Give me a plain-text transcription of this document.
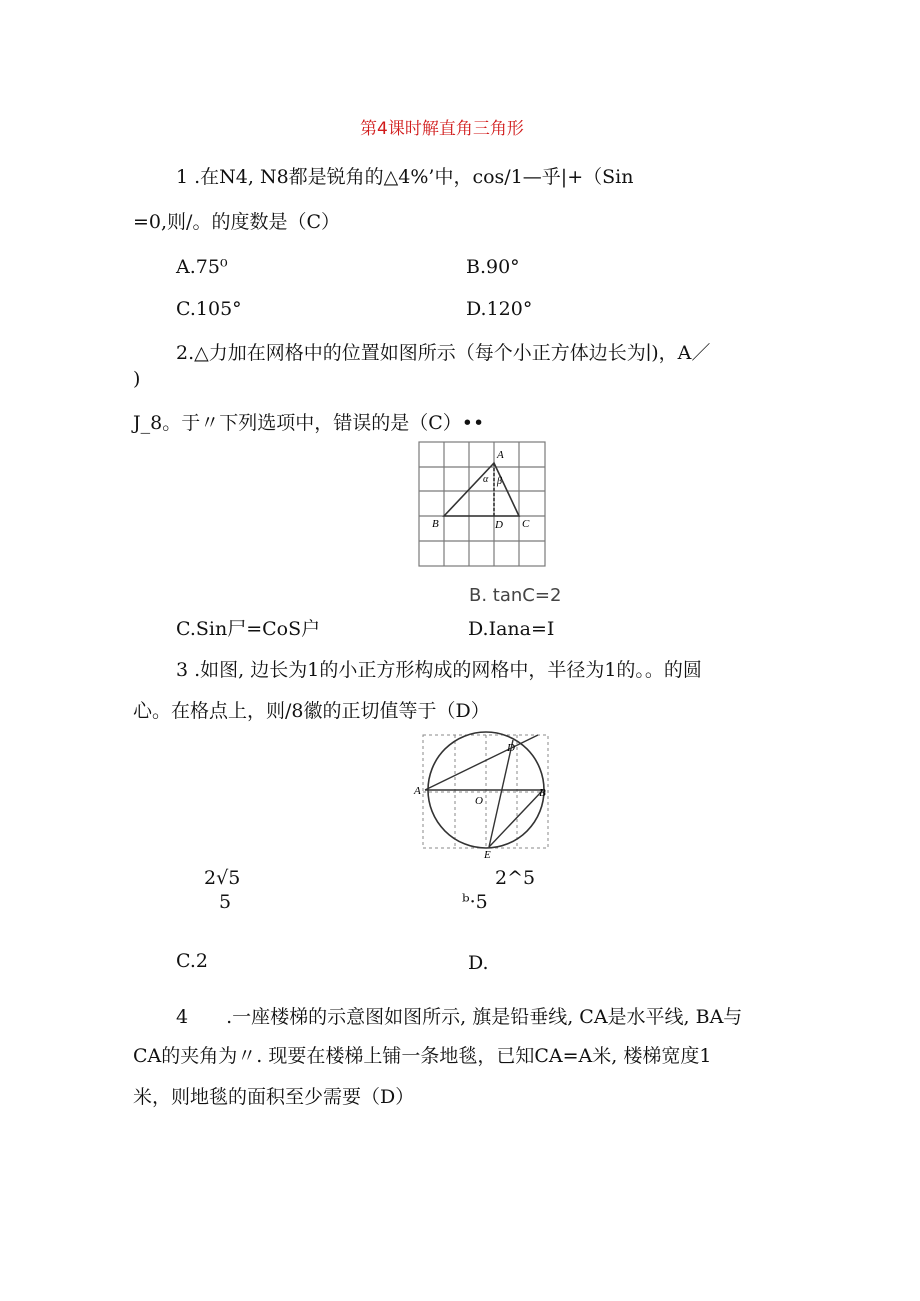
第4课时解直角三角形
1 .在N4, N8都是锐角的△4%’中，cos/1—乎|+（Sin
=0,则/。的度数是（C）
A.75⁰	B.90°
C.105°	D.120°
2.△力加在网格中的位置如图所示（每个小正方体边长为∣)，A／
)
J_8。于〃下列选项中，错误的是（C）••
A
α β
B	D C
B. tanC=2
C.Sin尸=CoS户	D.Iana=I
3 .如图, 边长为1的小正方形构成的网格中，半径为1的。。的圆
心。在格点上，则/8徽的正切值等于（D）
D
A
O
B
E
2√5
5
2^5
ᵇ·5
C.2	D.
4　　.一座楼梯的示意图如图所示, 旗是铅垂线, CA是水平线, BA与
CA的夹角为〃. 现要在楼梯上铺一条地毯，已知CA=A米, 楼梯宽度1
米，则地毯的面积至少需要（D）
